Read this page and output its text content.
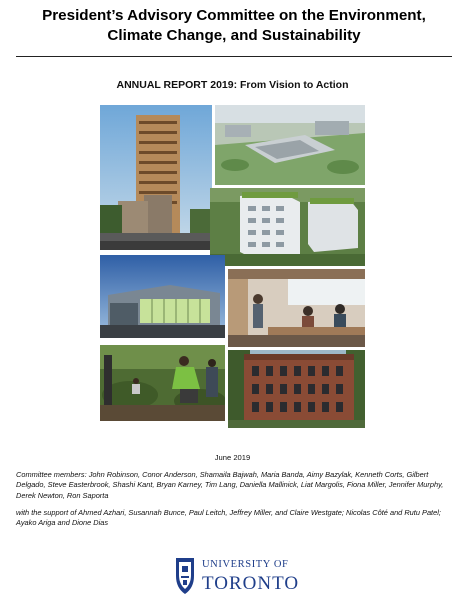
President’s Advisory Committee on the Environment, Climate Change, and Sustainability
ANNUAL REPORT 2019: From Vision to Action
June 2019
Committee members: John Robinson, Conor Anderson, Shamaila Bajwah, Maria Banda, Aimy Bazylak, Kenneth Corts, Gilbert Delgado, Steve Easterbrook, Shashi Kant, Bryan Karney, Tim Lang, Daniella Mallinick, Liat Margolis, Fiona Miller, Jennifer Murphy, Derek Newton, Ron Saporta
with the support of Ahmed Azhari, Susannah Bunce, Paul Leitch, Jeffrey Miller, and Claire Westgate; Nicolas Côté and Rutu Patel; Ayako Ariga and Dione Dias
UNIVERSITY OF
TORONTO
